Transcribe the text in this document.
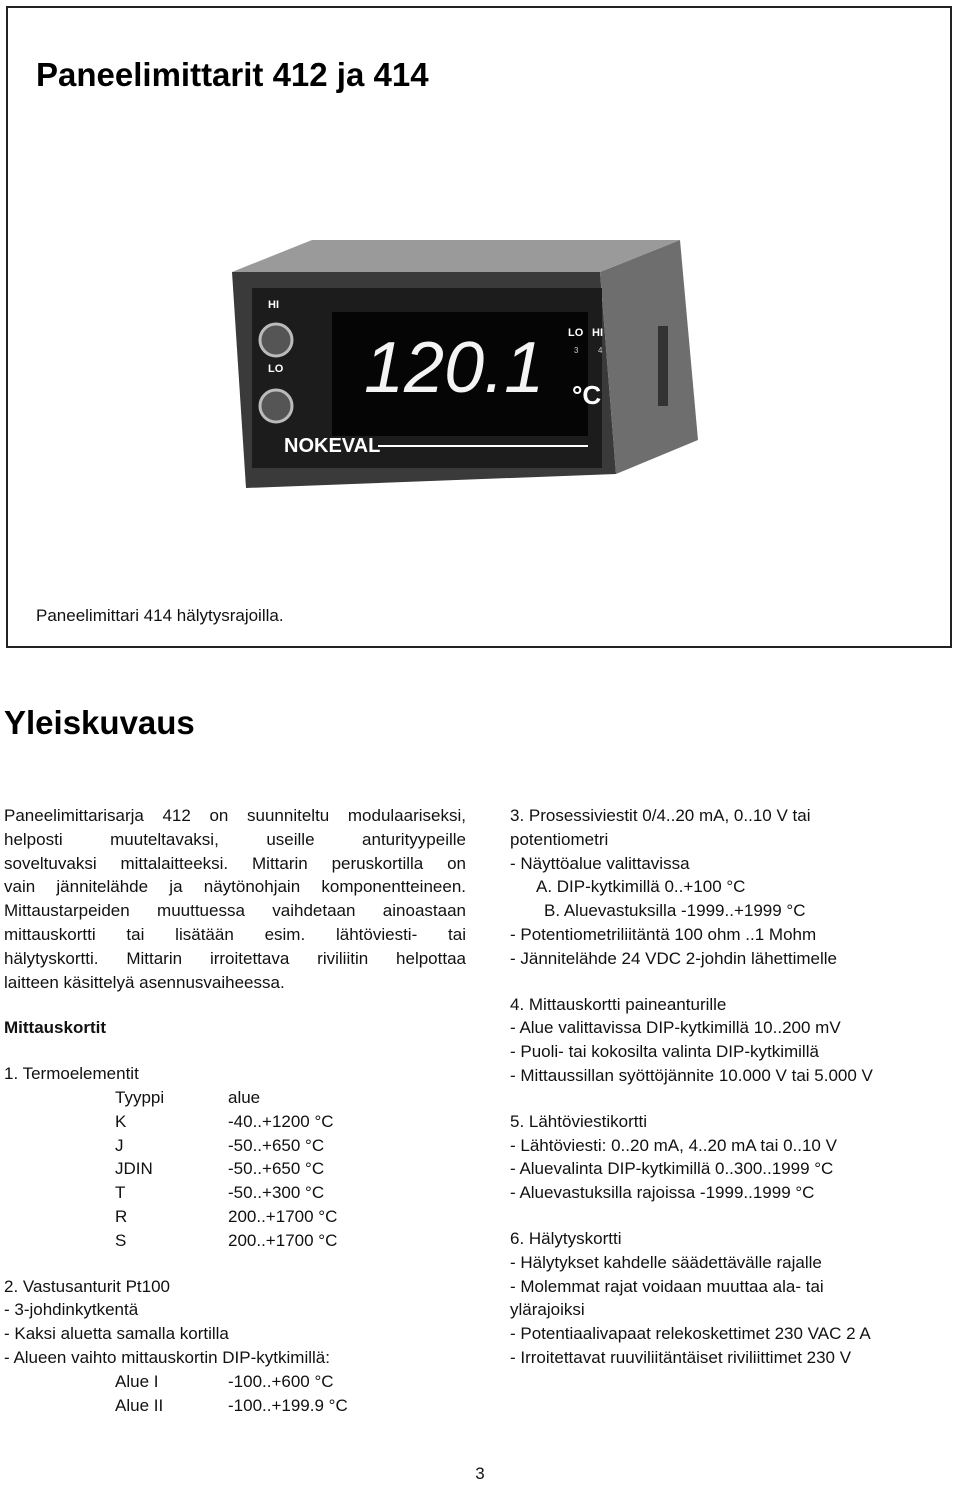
Paneelimittarit 412 ja 414
HI
LO 120.1 LO HI
3 4
°C
NOKEVAL
Paneelimittari 414 hälytysrajoilla.
Yleiskuvaus
Paneelimittarisarja 412 on suunniteltu modulaariseksi,
helposti muuteltavaksi, useille anturityypeille
soveltuvaksi mittalaitteeksi. Mittarin peruskortilla on
vain jännitelähde ja näytönohjain komponentteineen.
Mittaustarpeiden muuttuessa vaihdetaan ainoastaan
mittauskortti tai lisätään esim. lähtöviesti- tai
hälytyskortti. Mittarin irroitettava riviliitin helpottaa
laitteen käsittelyä asennusvaiheessa.
Mittauskortit
1. Termoelementit
Tyyppi	alue
K	-40..+1200 °C
J	-50..+650 °C
JDIN	-50..+650 °C
T	-50..+300 °C
R	200..+1700 °C
S	200..+1700 °C
2. Vastusanturit Pt100
- 3-johdinkytkentä
- Kaksi aluetta samalla kortilla
- Alueen vaihto mittauskortin DIP-kytkimillä:
Alue I	-100..+600 °C
Alue II	-100..+199.9 °C
3. Prosessiviestit 0/4..20 mA, 0..10 V tai
potentiometri
- Näyttöalue valittavissa
A. DIP-kytkimillä 0..+100 °C
B. Aluevastuksilla -1999..+1999 °C
- Potentiometriliitäntä 100 ohm ..1 Mohm
- Jännitelähde 24 VDC 2-johdin lähettimelle
4. Mittauskortti paineanturille
- Alue valittavissa DIP-kytkimillä 10..200 mV
- Puoli- tai kokosilta valinta DIP-kytkimillä
- Mittaussillan syöttöjännite 10.000 V tai 5.000 V
5. Lähtöviestikortti
- Lähtöviesti: 0..20 mA, 4..20 mA tai 0..10 V
- Aluevalinta DIP-kytkimillä 0..300..1999 °C
- Aluevastuksilla rajoissa -1999..1999 °C
6. Hälytyskortti
- Hälytykset kahdelle säädettävälle rajalle
- Molemmat rajat voidaan muuttaa ala- tai
ylärajoiksi
- Potentiaalivapaat relekoskettimet 230 VAC 2 A
- Irroitettavat ruuviliitäntäiset riviliittimet 230 V
3
